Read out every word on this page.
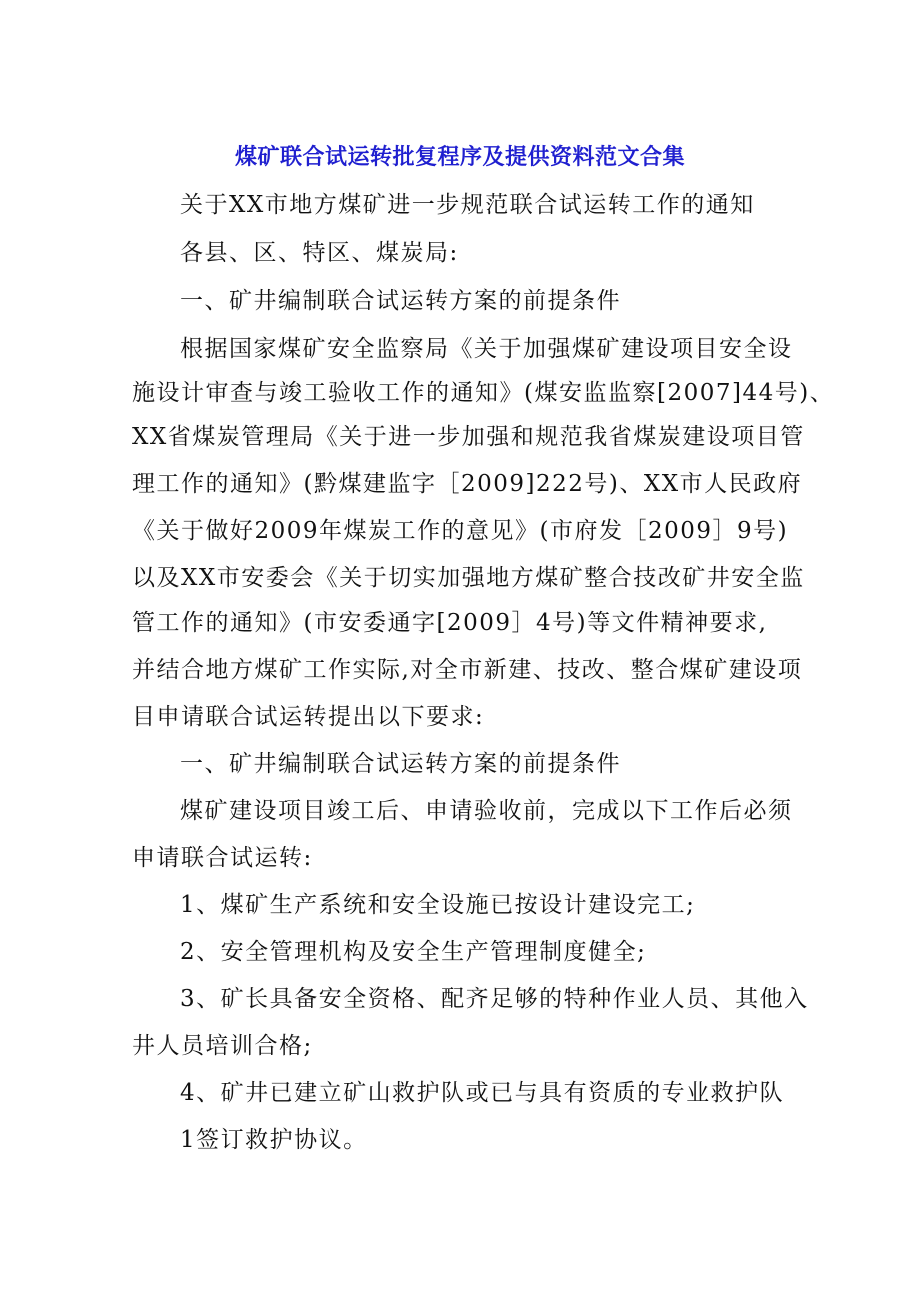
煤矿联合试运转批复程序及提供资料范文合集
关于XX市地方煤矿进一步规范联合试运转工作的通知
各县、区、特区、煤炭局:
一、矿井编制联合试运转方案的前提条件
根据国家煤矿安全监察局《关于加强煤矿建设项目安全设
施设计审查与竣工验收工作的通知》(煤安监监察[2007]44号)、
XX省煤炭管理局《关于进一步加强和规范我省煤炭建设项目管
理工作的通知》(黔煤建监字［2009]222号)、XX市人民政府
《关于做好2009年煤炭工作的意见》(市府发［2009］9号)
以及XX市安委会《关于切实加强地方煤矿整合技改矿井安全监
管工作的通知》(市安委通字[2009］4号)等文件精神要求,
并结合地方煤矿工作实际,对全市新建、技改、整合煤矿建设项
目申请联合试运转提出以下要求:
一、矿井编制联合试运转方案的前提条件
煤矿建设项目竣工后、申请验收前，完成以下工作后必须
申请联合试运转:
1、煤矿生产系统和安全设施已按设计建设完工;
2、安全管理机构及安全生产管理制度健全;
3、矿长具备安全资格、配齐足够的特种作业人员、其他入
井人员培训合格;
4、矿井已建立矿山救护队或已与具有资质的专业救护队
1签订救护协议。
